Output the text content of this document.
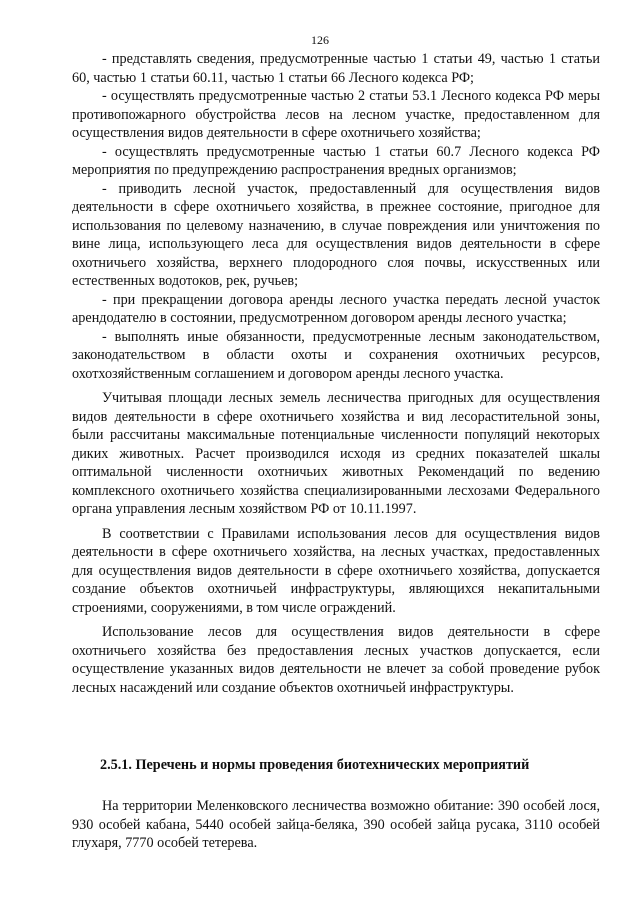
126

- представлять сведения, предусмотренные частью 1 статьи 49, частью 1 статьи 60, частью 1 статьи 60.11, частью 1 статьи 66 Лесного кодекса РФ;

- осуществлять предусмотренные частью 2 статьи 53.1 Лесного кодекса РФ меры противопожарного обустройства лесов на лесном участке, предоставленном для осуществления видов деятельности в сфере охотничьего хозяйства;

- осуществлять предусмотренные частью 1 статьи 60.7 Лесного кодекса РФ мероприятия по предупреждению распространения вредных организмов;

- приводить лесной участок, предоставленный для осуществления видов деятельности в сфере охотничьего хозяйства, в прежнее состояние, пригодное для использования по целевому назначению, в случае повреждения или уничтожения по вине лица, использующего леса для осуществления видов деятельности в сфере охотничьего хозяйства, верхнего плодородного слоя почвы, искусственных или естественных водотоков, рек, ручьев;

- при прекращении договора аренды лесного участка передать лесной участок арендодателю в состоянии, предусмотренном договором аренды лесного участка;

- выполнять иные обязанности, предусмотренные лесным законодательством, законодательством в области охоты и сохранения охотничьих ресурсов, охотхозяйственным соглашением и договором аренды лесного участка.

Учитывая площади лесных земель лесничества пригодных для осуществления видов деятельности в сфере охотничьего хозяйства и вид лесорастительной зоны, были рассчитаны максимальные потенциальные численности популяций некоторых диких животных. Расчет производился исходя из средних показателей шкалы оптимальной численности охотничьих животных Рекомендаций по ведению комплексного охотничьего хозяйства специализированными лесхозами Федерального органа управления лесным хозяйством РФ от 10.11.1997.

В соответствии с Правилами использования лесов для осуществления видов деятельности в сфере охотничьего хозяйства, на лесных участках, предоставленных для осуществления видов деятельности в сфере охотничьего хозяйства, допускается создание объектов охотничьей инфраструктуры, являющихся некапитальными строениями, сооружениями, в том числе ограждений.

Использование лесов для осуществления видов деятельности в сфере охотничьего хозяйства без предоставления лесных участков допускается, если осуществление указанных видов деятельности не влечет за собой проведение рубок лесных насаждений или создание объектов охотничьей инфраструктуры.

2.5.1. Перечень и нормы проведения биотехнических мероприятий

На территории Меленковского лесничества возможно обитание: 390 особей лося, 930 особей кабана, 5440 особей зайца-беляка, 390 особей зайца русака, 3110 особей глухаря, 7770 особей тетерева.
